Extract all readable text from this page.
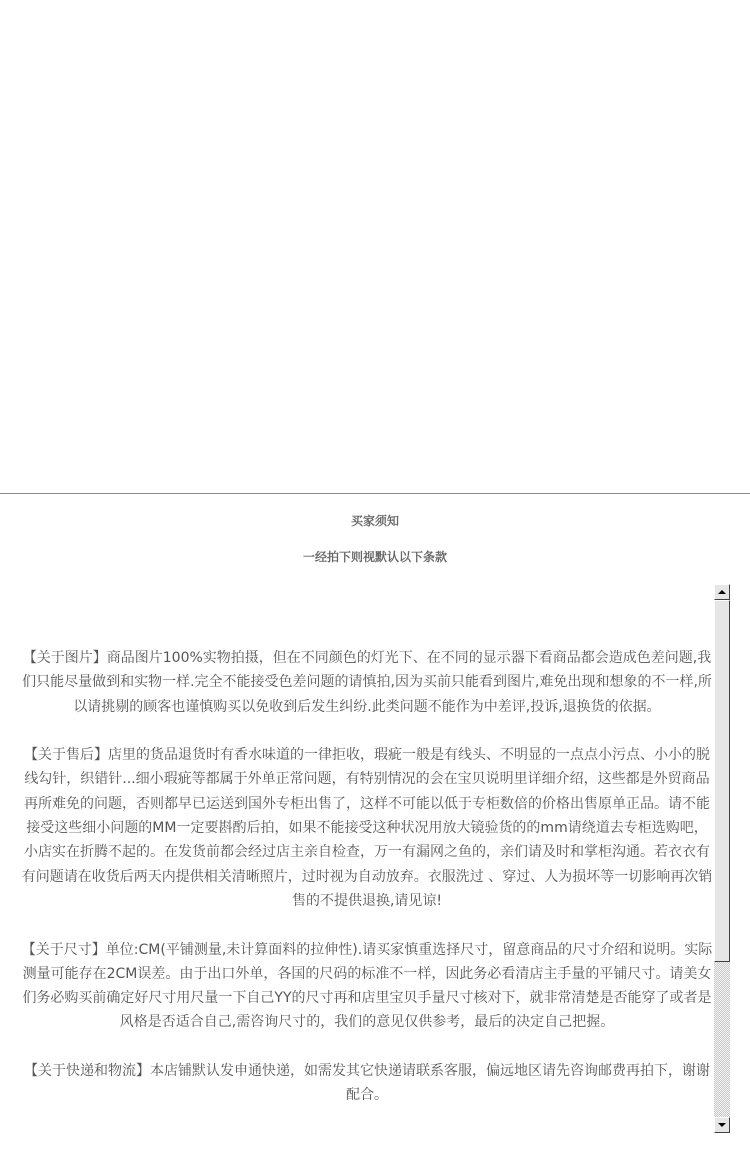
买家须知
一经拍下则视默认以下条款

【关于图片】商品图片100%实物拍摄，但在不同颜色的灯光下、在不同的显示器下看商品都会造成色差问题,我们只能尽量做到和实物一样.完全不能接受色差问题的请慎拍,因为买前只能看到图片,难免出现和想象的不一样,所以请挑剔的顾客也谨慎购买以免收到后发生纠纷.此类问题不能作为中差评,投诉,退换货的依据。

【关于售后】店里的货品退货时有香水味道的一律拒收，瑕疵一般是有线头、不明显的一点点小污点、小小的脱线勾针，织错针...细小瑕疵等都属于外单正常问题，有特别情况的会在宝贝说明里详细介绍，这些都是外贸商品再所难免的问题，否则都早已运送到国外专柜出售了，这样不可能以低于专柜数倍的价格出售原单正品。请不能接受这些细小问题的MM一定要斟酌后拍，如果不能接受这种状况用放大镜验货的的mm请绕道去专柜选购吧，小店实在折腾不起的。在发货前都会经过店主亲自检查，万一有漏网之鱼的，亲们请及时和掌柜沟通。若衣衣有有问题请在收货后两天内提供相关清晰照片，过时视为自动放弃。衣服洗过 、穿过、人为损坏等一切影响再次销售的不提供退换,请见谅!

【关于尺寸】单位:CM(平铺测量,未计算面料的拉伸性).请买家慎重选择尺寸，留意商品的尺寸介绍和说明。实际测量可能存在2CM误差。由于出口外单，各国的尺码的标准不一样，因此务必看清店主手量的平铺尺寸。请美女们务必购买前确定好尺寸用尺量一下自己YY的尺寸再和店里宝贝手量尺寸核对下，就非常清楚是否能穿了或者是风格是否适合自己,需咨询尺寸的，我们的意见仅供参考，最后的决定自己把握。

【关于快递和物流】本店铺默认发申通快递，如需发其它快递请联系客服，偏远地区请先咨询邮费再拍下，谢谢配合。
